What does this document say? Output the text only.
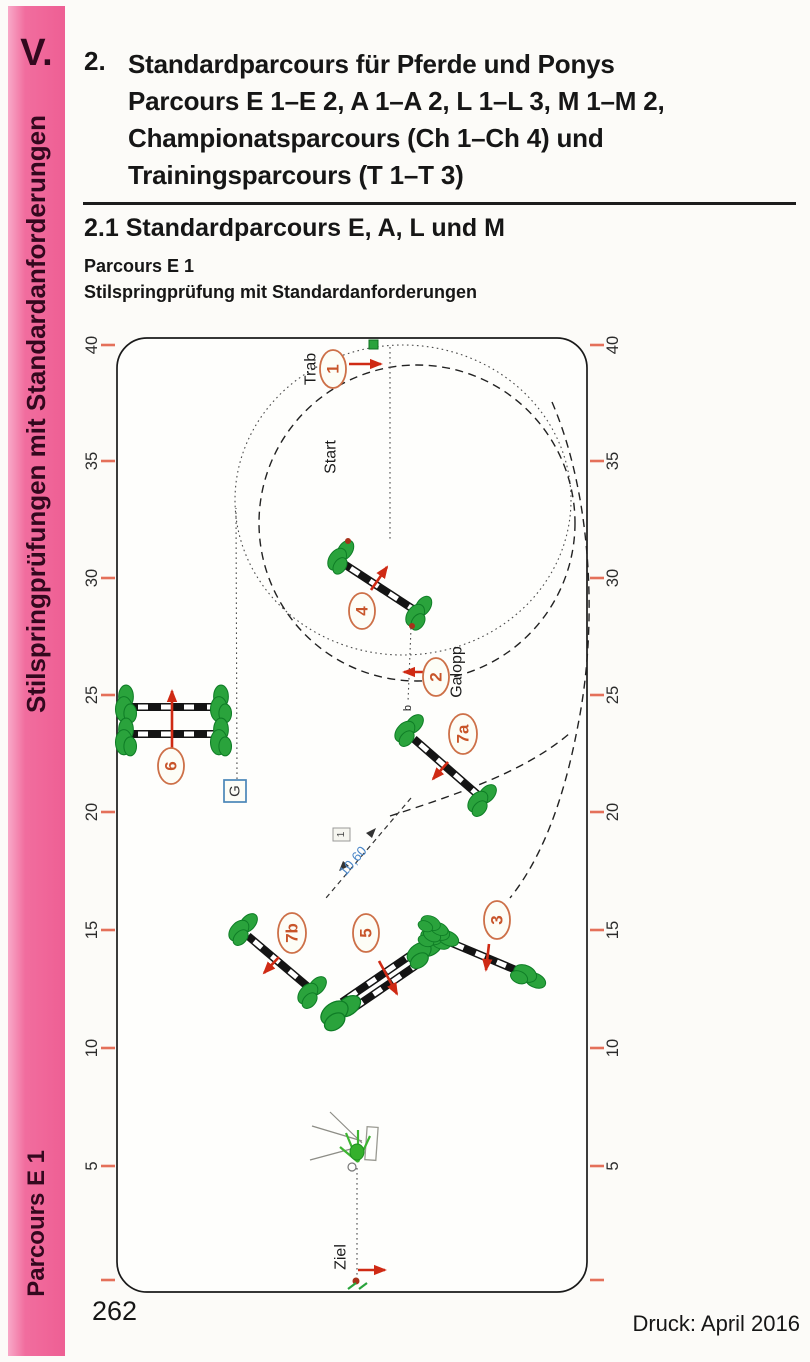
V.
Stilspringprüfungen mit Standardanforderungen
Parcours E 1
2. Standardparcours für Pferde und Ponys
Parcours E 1–E 2, A 1–A 2, L 1–L 3, M 1–M 2,
Championatsparcours (Ch 1–Ch 4) und
Trainingsparcours (T 1–T 3)
2.1 Standardparcours E, A, L und M
Parcours E 1
Stilspringprüfung mit Standardanforderungen
40
35
30
25
20
15
10
5
40
35
30
25
20
15
10
5
G
1
Trab
Start
4
b
2 Galopp
6
7a
1
10,60
7b	5
3
Ziel
262	Druck: April 2016
